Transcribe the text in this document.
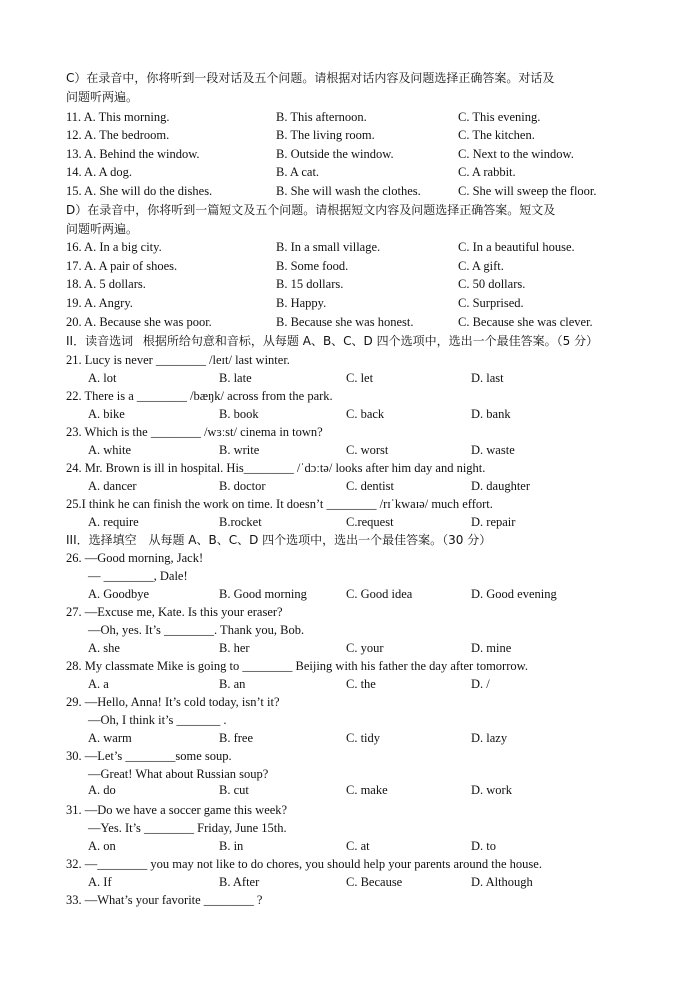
C）在录音中，你将听到一段对话及五个问题。请根据对话内容及问题选择正确答案。对话及
问题听两遍。
11. A. This morning.	B. This afternoon.	C. This evening.
12. A. The bedroom.	B. The living room.	C. The kitchen.
13. A. Behind the window.	B. Outside the window.	C. Next to the window.
14. A. A dog.	B. A cat.	C. A rabbit.
15. A. She will do the dishes.	B. She will wash the clothes.	C. She will sweep the floor.
D）在录音中，你将听到一篇短文及五个问题。请根据短文内容及问题选择正确答案。短文及
问题听两遍。
16. A. In a big city.	B. In a small village.	C. In a beautiful house.
17. A. A pair of shoes.	B. Some food.	C. A gift.
18. A. 5 dollars.	B. 15 dollars.	C. 50 dollars.
19. A. Angry.	B. Happy.	C. Surprised.
20. A. Because she was poor.	B. Because she was honest.	C. Because she was clever.
II．读音选词 根据所给句意和音标，从每题 A、B、C、D 四个选项中，选出一个最佳答案。（5 分）
21. Lucy is never ________ /leɪt/ last winter.
A. lot	B. late	C. let	D. last
22. There is a ________ /bæŋk/ across from the park.
A. bike	B. book	C. back	D. bank
23. Which is the ________ /wɜːst/ cinema in town?
A. white	B. write	C. worst	D. waste
24. Mr. Brown is ill in hospital. His________ /ˈdɔːtə/ looks after him day and night.
A. dancer	B. doctor	C. dentist	D. daughter
25.I think he can finish the work on time. It doesn’t ________ /rɪˈkwaɪə/ much effort.
A. require	B.rocket	C.request	D. repair
III．选择填空 从每题 A、B、C、D 四个选项中，选出一个最佳答案。（30 分）
26. —Good morning, Jack!
— ________, Dale!
A. Goodbye	B. Good morning	C. Good idea	D. Good evening
27. —Excuse me, Kate. Is this your eraser?
—Oh, yes. It’s ________. Thank you, Bob.
A. she	B. her	C. your	D. mine
28. My classmate Mike is going to ________ Beijing with his father the day after tomorrow.
A. a	B. an	C. the	D. /
29. —Hello, Anna! It’s cold today, isn’t it?
—Oh, I think it’s _______ .
A. warm	B. free	C. tidy	D. lazy
30. —Let’s ________some soup.
—Great! What about Russian soup?
A. do	B. cut	C. make	D. work
31. —Do we have a soccer game this week?
—Yes. It’s ________ Friday, June 15th.
A. on	B. in	C. at	D. to
32. —________ you may not like to do chores, you should help your parents around the house.
A. If	B. After	C. Because	D. Although
33. —What’s your favorite ________ ?
